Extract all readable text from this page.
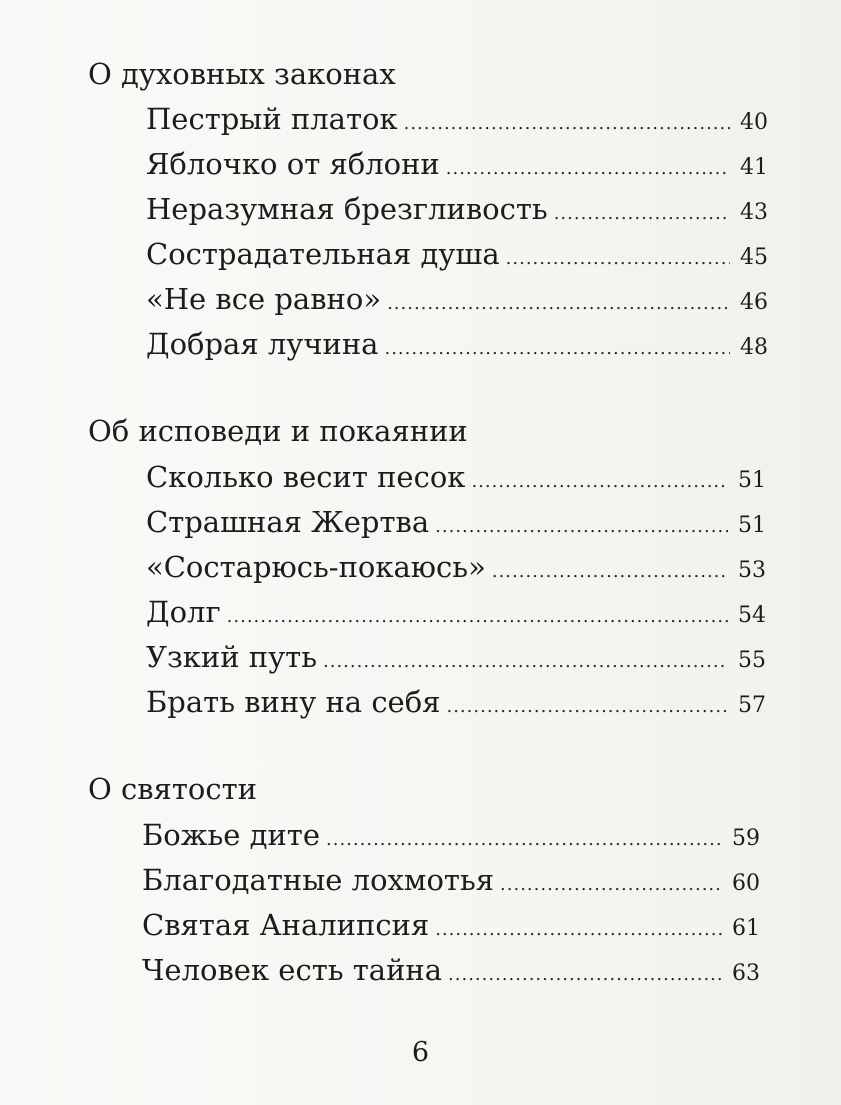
О духовных законах
Пестрый платок .....	40
Яблочко от яблони .....	41
Неразумная брезгливость .....	43
Сострадательная душа .....	45
«Не все равно» .....	46
Добрая лучина .....	48
Об исповеди и покаянии
Сколько весит песок .....	51
Страшная Жертва .....	51
«Состарюсь-покаюсь» .....	53
Долг .....	54
Узкий путь .....	55
Брать вину на себя .....	57
О святости
Божье дите .....	59
Благодатные лохмотья .....	60
Святая Аналипсия .....	61
Человек есть тайна .....	63
6
